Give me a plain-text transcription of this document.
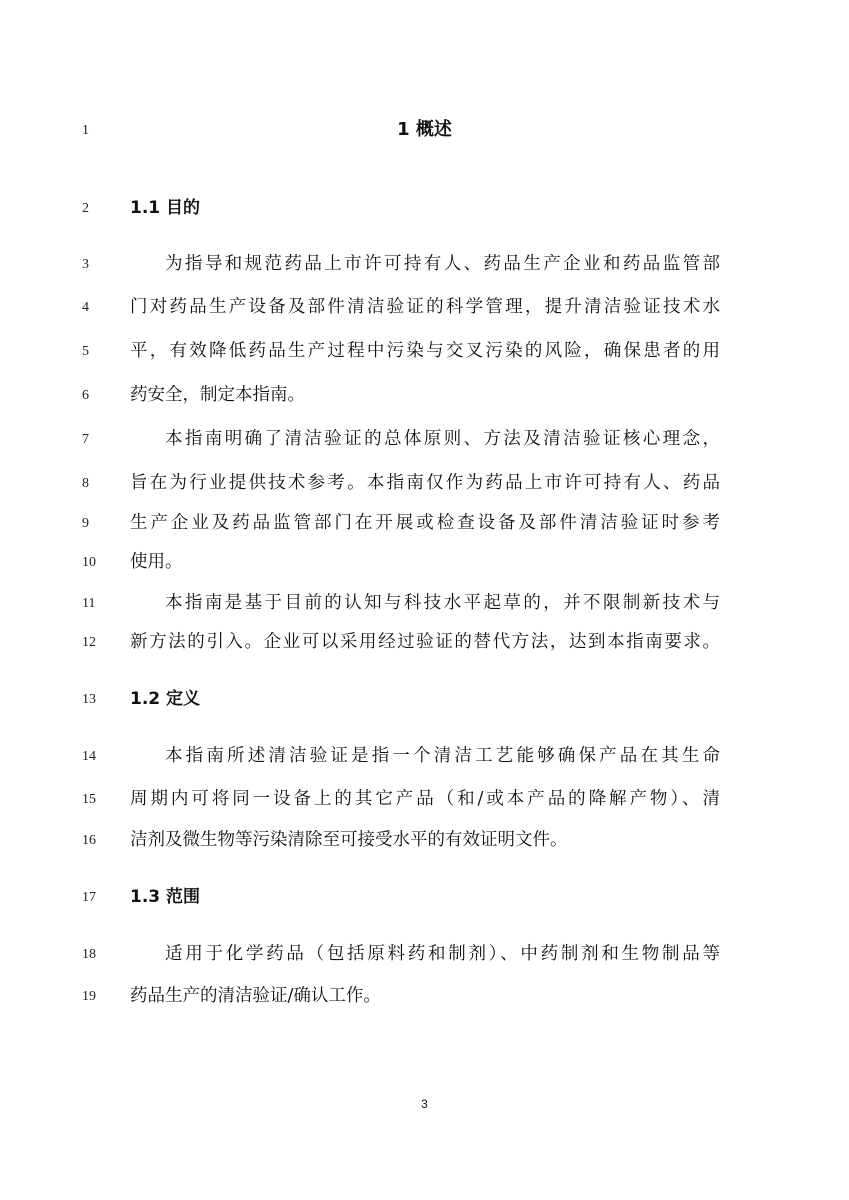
1
2
3
4
5
6
7
8
9
10
11
12
13
14
15
16
17
18
19
1 概述
1.1 目的
为指导和规范药品上市许可持有人、药品生产企业和药品监管部
门对药品生产设备及部件清洁验证的科学管理，提升清洁验证技术水
平，有效降低药品生产过程中污染与交叉污染的风险，确保患者的用
药安全，制定本指南。
本指南明确了清洁验证的总体原则、方法及清洁验证核心理念，
旨在为行业提供技术参考。本指南仅作为药品上市许可持有人、药品
生产企业及药品监管部门在开展或检查设备及部件清洁验证时参考
使用。
本指南是基于目前的认知与科技水平起草的，并不限制新技术与
新方法的引入。企业可以采用经过验证的替代方法，达到本指南要求。
1.2 定义
本指南所述清洁验证是指一个清洁工艺能够确保产品在其生命
周期内可将同一设备上的其它产品（和/或本产品的降解产物）、清
洁剂及微生物等污染清除至可接受水平的有效证明文件。
1.3 范围
适用于化学药品（包括原料药和制剂）、中药制剂和生物制品等
药品生产的清洁验证/确认工作。
3
